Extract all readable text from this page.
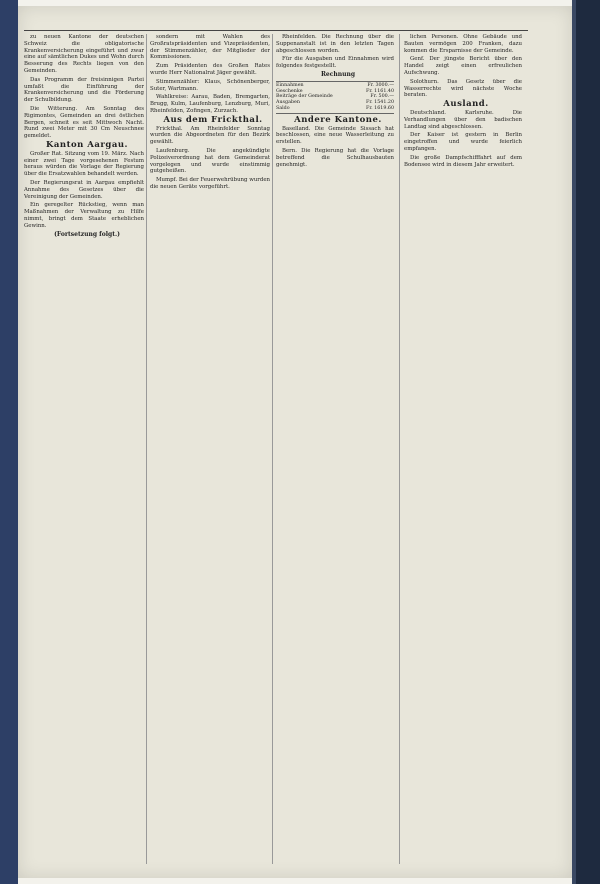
zu neuen Kantone der deutschen Schweiz die obligatorische Krankenversicherung eingeführt und zwar eine auf sämtlichen Dukes und Wohn durch Besserung des Rechts liegen von den Gemeinden.

Das Programm der freisinnigen Partei umfaßt die Einführung der Krankenversicherung und die Förderung der Schulbildung.

Die Witterung. Am Sonntag des Rigimontes, Gemeinden an drei östlichen Bergen, schneit es seit Mittwoch Nacht. Rund zwei Meter mit 30 Cm Neuschnee gemeldet.

Kanton Aargau.

Großer Rat. Sitzung vom 19. März. Nach einer zwei Tage vorgesehenen Festum heraus würden die Vorlage der Regierung über die Ersatzwahlen behandelt werden.

Der Regierungsrat in Aargau empfiehlt Annahme des Gesetzes über die Vereinigung der Gemeinden.

Ein geregelter Rückstieg, wenn man Maßnahmen der Verwaltung zu Hilfe nimmt, bringt dem Staate erheblichen Gewinn.

(Fortsetzung folgt.)

sondern mit Wahlen des Großratspräsidenten und Vizepräsidenten, der Stimmenzähler, der Mitglieder der Kommissionen.

Zum Präsidenten des Großen Rates wurde Herr Nationalrat Jäger gewählt.

Stimmenzähler: Klaus, Schönenberger, Suter, Wartmann.

Wahlkreise: Aarau, Baden, Bremgarten, Brugg, Kulm, Laufenburg, Lenzburg, Muri, Rheinfelden, Zofingen, Zurzach.

Aus dem Frickthal.

Frickthal. Am Rheinfelder Sonntag wurden die Abgeordneten für den Bezirk gewählt.

Laufenburg. Die angekündigte Polizeiverordnung hat dem Gemeinderat vorgelegen und wurde einstimmig gutgeheißen.

Mumpf. Bei der Feuerwehrübung wurden die neuen Geräte vorgeführt.

Rheinfelden. Die Rechnung über die Suppenanstalt ist in den letzten Tagen abgeschlossen worden.

Für die Ausgaben und Einnahmen wird folgendes festgestellt.

Rechnung

Einnahmen	Fr. 3000.—
Geschenke	Fr. 1161.40
Beiträge der Gemeinde	Fr. 500.—
Ausgaben	Fr. 1541.20
Saldo	Fr. 1619.60

Andere Kantone.

Baselland. Die Gemeinde Sissach hat beschlossen, eine neue Wasserleitung zu erstellen.

Bern. Die Regierung hat die Vorlage betreffend die Schulhausbauten genehmigt.

lichen Personen. Ohne Gebäude und Bauten vermögen 200 Franken, dazu kommen die Ersparnisse der Gemeinde.

Genf. Der jüngste Bericht über den Handel zeigt einen erfreulichen Aufschwung.

Solothurn. Das Gesetz über die Wasserrechte wird nächste Woche beraten.

Ausland.

Deutschland. Karlsruhe. Die Verhandlungen über den badischen Landtag sind abgeschlossen.

Der Kaiser ist gestern in Berlin eingetroffen und wurde feierlich empfangen.

Die große Dampfschifffahrt auf dem Bodensee wird in diesem Jahr erweitert.
